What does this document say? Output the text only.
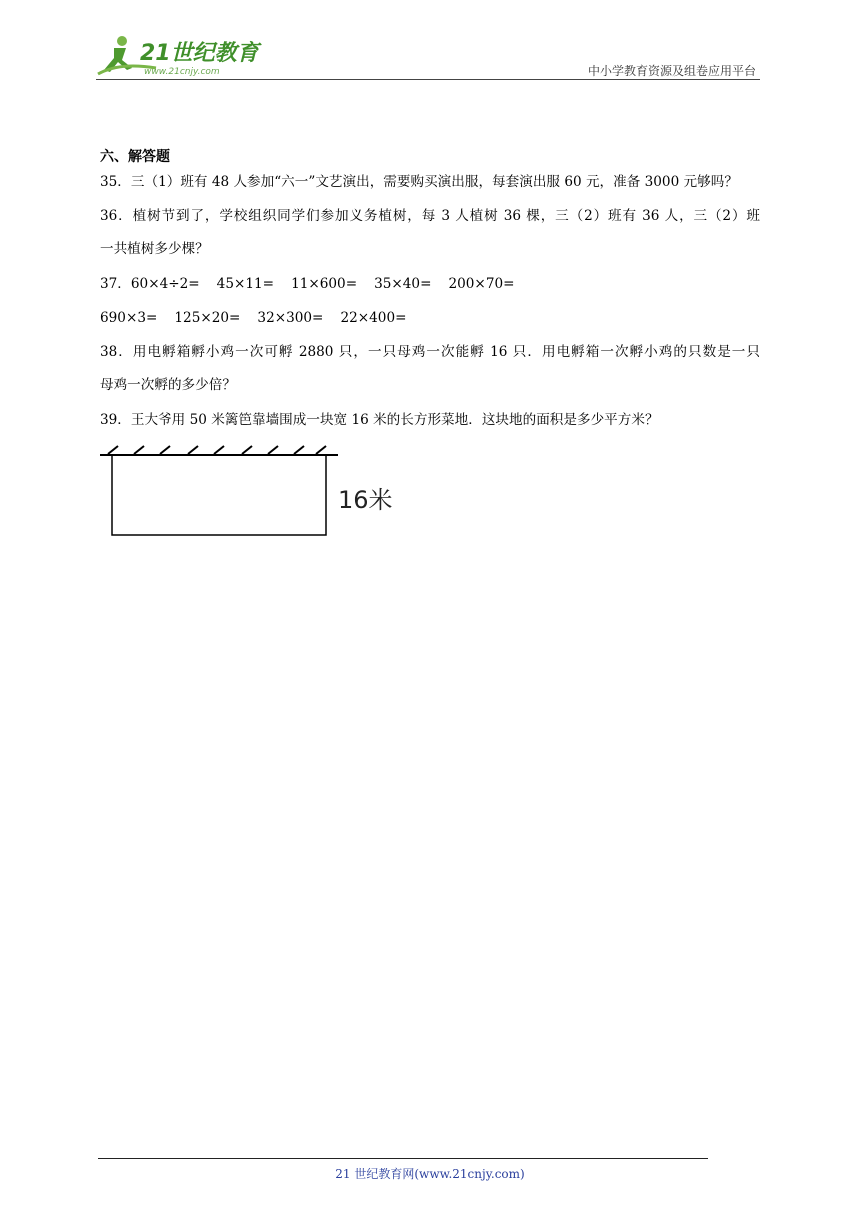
21世纪教育
www.21cnjy.com	中小学教育资源及组卷应用平台
六、解答题
35．三（1）班有 48 人参加“六一”文艺演出，需要购买演出服，每套演出服 60 元，准备 3000 元够吗？
36．植树节到了，学校组织同学们参加义务植树，每 3 人植树 36 棵，三（2）班有 36 人，三（2）班
一共植树多少棵？
37．60×4÷2= 45×11= 11×600= 35×40= 200×70=
690×3= 125×20= 32×300= 22×400=
38．用电孵箱孵小鸡一次可孵 2880 只，一只母鸡一次能孵 16 只．用电孵箱一次孵小鸡的只数是一只
母鸡一次孵的多少倍？
39．王大爷用 50 米篱笆靠墙围成一块宽 16 米的长方形菜地．这块地的面积是多少平方米？
16米
21 世纪教育网(www.21cnjy.com)
